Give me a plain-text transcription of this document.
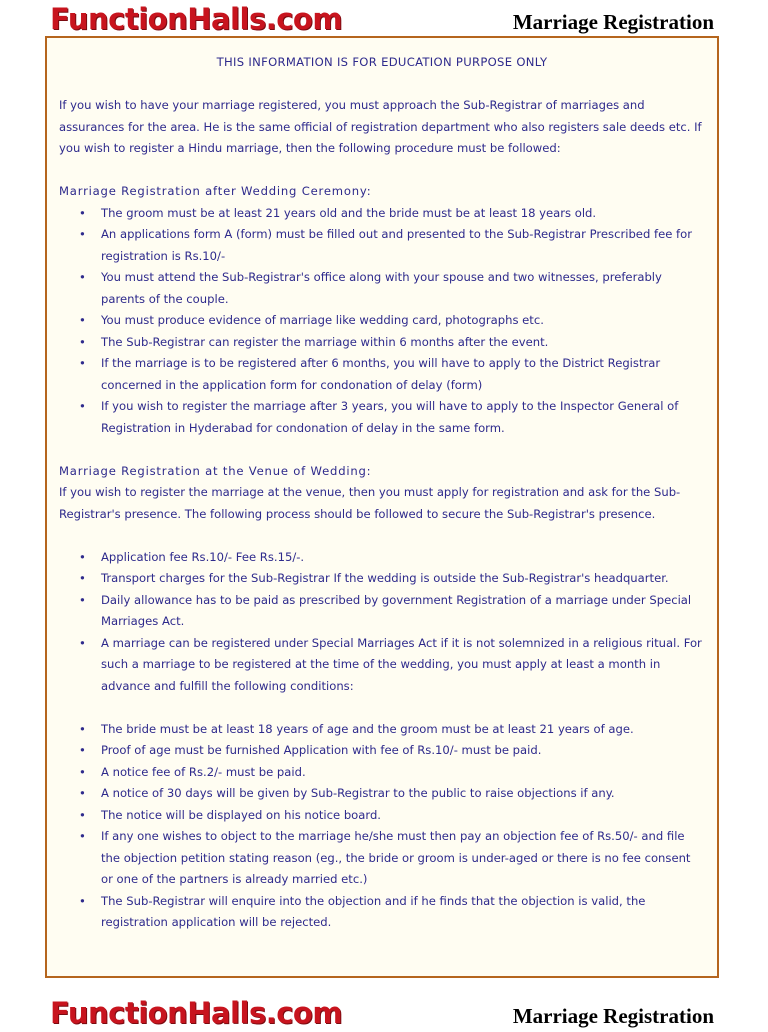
FunctionHalls.com	Marriage Registration

THIS INFORMATION IS FOR EDUCATION PURPOSE ONLY

If you wish to have your marriage registered, you must approach the Sub-Registrar of marriages and assurances for the area. He is the same official of registration department who also registers sale deeds etc. If you wish to register a Hindu marriage, then the following procedure must be followed:

Marriage Registration after Wedding Ceremony:

• The groom must be at least 21 years old and the bride must be at least 18 years old.
• An applications form A (form) must be filled out and presented to the Sub-Registrar Prescribed fee for registration is Rs.10/-
• You must attend the Sub-Registrar's office along with your spouse and two witnesses, preferably parents of the couple.
• You must produce evidence of marriage like wedding card, photographs etc.
• The Sub-Registrar can register the marriage within 6 months after the event.
• If the marriage is to be registered after 6 months, you will have to apply to the District Registrar concerned in the application form for condonation of delay (form)
• If you wish to register the marriage after 3 years, you will have to apply to the Inspector General of Registration in Hyderabad for condonation of delay in the same form.

Marriage Registration at the Venue of Wedding:

If you wish to register the marriage at the venue, then you must apply for registration and ask for the Sub-Registrar's presence. The following process should be followed to secure the Sub-Registrar's presence.

• Application fee Rs.10/- Fee Rs.15/-.
• Transport charges for the Sub-Registrar If the wedding is outside the Sub-Registrar's headquarter.
• Daily allowance has to be paid as prescribed by government Registration of a marriage under Special Marriages Act.
• A marriage can be registered under Special Marriages Act if it is not solemnized in a religious ritual. For such a marriage to be registered at the time of the wedding, you must apply at least a month in advance and fulfill the following conditions:
• The bride must be at least 18 years of age and the groom must be at least 21 years of age.
• Proof of age must be furnished Application with fee of Rs.10/- must be paid.
• A notice fee of Rs.2/- must be paid.
• A notice of 30 days will be given by Sub-Registrar to the public to raise objections if any.
• The notice will be displayed on his notice board.
• If any one wishes to object to the marriage he/she must then pay an objection fee of Rs.50/- and file the objection petition stating reason (eg., the bride or groom is under-aged or there is no fee consent or one of the partners is already married etc.)
• The Sub-Registrar will enquire into the objection and if he finds that the objection is valid, the registration application will be rejected.
FunctionHalls.com	Marriage Registration
